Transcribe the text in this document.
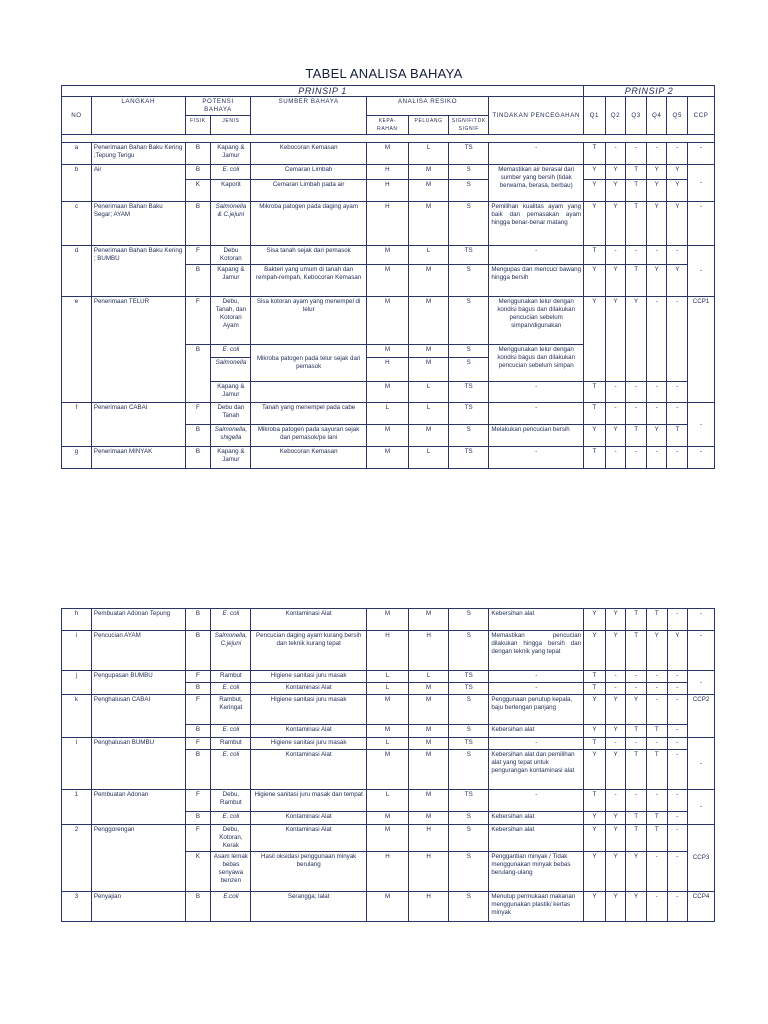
TABEL ANALISA BAHAYA
PRINSIP 1									PRINSIP 2					
NO	LANGKAH	POTENSI BAHAYA		SUMBER BAHAYA	ANALISA RESIKO			TINDAKAN PENCEGAHAN	Q1	Q2	Q3	Q4	Q5	CCP
		FISIK	JENIS		KEPA-RAHAN	PELUANG	SIGNIF/TDK SIGNIF							

a	Penerimaan Bahan Baku Kering ;Tepung Terigu	B	Kapang & Jamur	Kebocoran Kemasan	M	L	TS	-	T	-	-	-	-	-
b	Air	B	E. coli	Cemaran Limbah	H	M	S	Memastikan air berasal dari sumber yang bersih (tidak berwarna, berasa, berbau)	Y	Y	T	Y	Y	-
		K	Kaporit	Cemaran Limbah pada air	H	M	S		Y	Y	T	Y	Y	
c	Penerimaan Bahan Baku Segar; AYAM	B	Salmonella & C.jejuni	Mikroba patogen pada daging ayam	H	M	S	Pemilihan kualitas ayam yang baik dan pemasakan ayam hingga benar-benar matang	Y	Y	T	Y	Y	-
d	Penerimaan Bahan Baku Kering ; BUMBU	F	Debu Kotoran	Sisa tanah sejak dari pemasok	M	L	TS	-	T	-	-	-	-	-
		B	Kapang & Jamur	Bakteri yang umum di tanah dan rempah-rempah, Kebocoran Kemasan	M	M	S	Mengupas dan mencuci bawang hingga bersih	Y	Y	T	Y	Y	
e	Penerimaan TELUR	F	Debu, Tanah, dan Kotoran Ayam	Sisa kotoran ayam yang menempel di telur	M	M	S	Menggunakan telur dengan kondisi bagus dan dilakukan pencucian sebelum simpan/digunakan	Y	Y	Y	-	-	CCP1
		B	E. coli	Mikroba patogen pada telur sejak dari pemasok	M	M	S	Menggunakan telur dengan kondisi bagus dan dilakukan pencucian sebelum simpan						
			Salmonella		H	M	S							
			Kapang & Jamur		M	L	TS	-	T	-	-	-	-	
f	Penerimaan CABAI	F	Debu dan Tanah	Tanah yang menempel pada cabe	L	L	TS	-	T	-	-	-	-	-
		B	Salmonella, shigella	Mikroba patogen pada sayuran sejak dari pemasok/pe lani	M	M	S	Melakukan pencucian bersih	Y	Y	T	Y	T	
g	Penerimaan MINYAK	B	Kapang & Jamur	Kebocoran Kemasan	M	L	TS	-	T	-	-	-	-	-
h	Pembuatan Adonan Tepung	B	E. coli	Kontaminasi Alat	M	M	S	Kebersihan alat	Y	Y	T	T	-	-
i	Pencucian AYAM	B	Salmonella, C.jejuni	Pencucian daging ayam kurang bersih dan teknik kurang tepat	H	H	S	Memastikan pencucian dilakukan hingga bersih dan dengan teknik yang tepat	Y	Y	T	Y	Y	-
j	Pengupasan BUMBU	F	Rambut	Higiene sanitasi juru masak	L	L	TS	-	T	-	-	-	-	-
		B	E. coli	Kontaminasi Alat	L	M	TS	-	T	-	-	-	-	
k	Penghalusan CABAI	F	Rambut, Keringat	Higiene sanitasi juru masak	M	M	S	Penggunaan penutup kepala, baju berlengan panjang	Y	Y	Y	-	-	CCP2
		B	E. coli	Kontaminasi Alat	M	M	S	Kebersihan alat	Y	Y	T	T	-	
l	Penghalusan BUMBU	F	Rambut	Higiene sanitasi juru masak	L	M	TS	-	T	-	-	-	-	-
		B	E. coli	Kontaminasi Alat	M	M	S	Kebersihan alat dan pemilihan alat yang tepat untuk pengurangan kontaminasi alat	Y	Y	T	T	-	
1	Pembuatan Adonan	F	Debu, Rambut	Higiene sanitasi juru masak dan tempat	L	M	TS	-	T	-	-	-	-	-
		B	E. coli	Kontaminasi Alat	M	M	S	Kebersihan alat	Y	Y	T	T	-	
2	Penggorengan	F	Debu, Kotoran, Kerak	Kontaminasi Alat	M	H	S	Kebersihan alat	Y	Y	T	T	-	CCP3
		K	Asam lemak bebas senyawa benzen	Hasil oksidasi penggunaan minyak berulang	H	H	S	Penggantian minyak / Tidak menggunakan minyak bebas berulang-ulang	Y	Y	Y	-	-	
3	Penyajian	B	E.coli	Serangga; lalat	M	H	S	Menutup permukaan makanan menggunakan plastik/ kertas minyak	Y	Y	Y	-	-	CCP4
